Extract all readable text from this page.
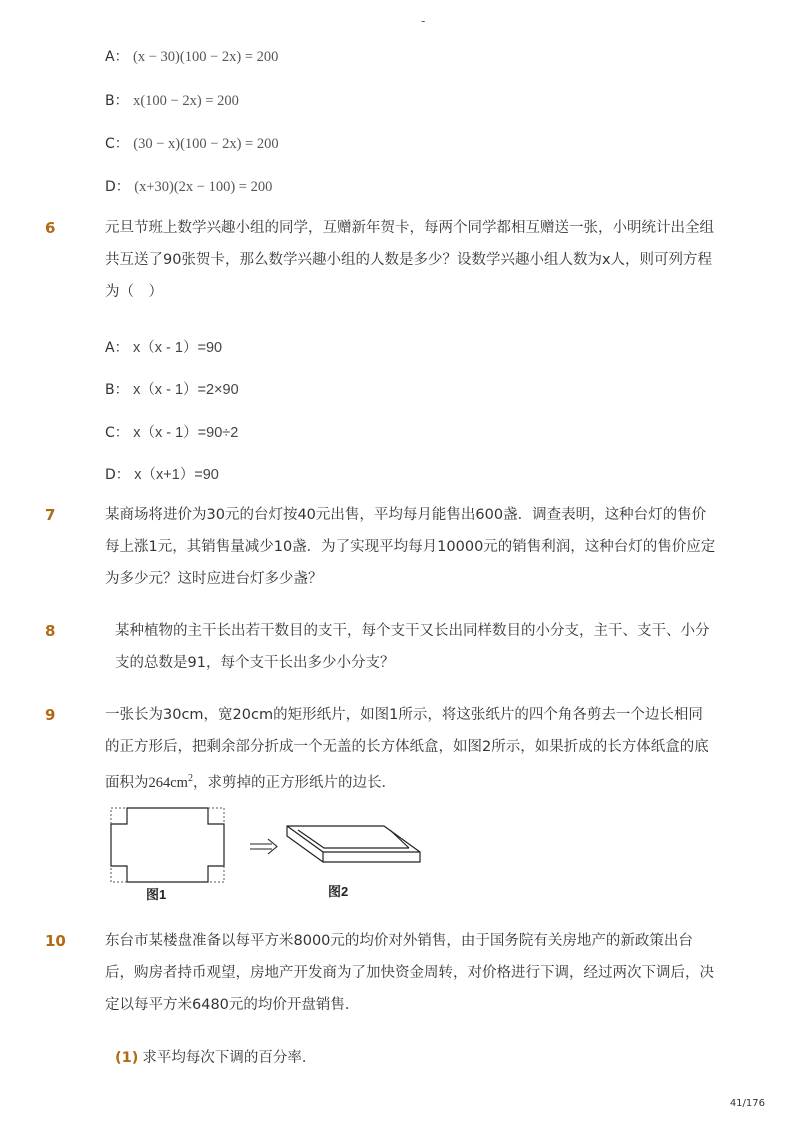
-
A： (x − 30)(100 − 2x) = 200
B： x(100 − 2x) = 200
C： (30 − x)(100 − 2x) = 200
D： (x+30)(2x − 100) = 200
6	元旦节班上数学兴趣小组的同学，互赠新年贺卡，每两个同学都相互赠送一张，小明统计出全组共互送了90张贺卡，那么数学兴趣小组的人数是多少？设数学兴趣小组人数为x人，则可列方程为（　）
A： x（x - 1）=90
B： x（x - 1）=2×90
C： x（x - 1）=90÷2
D： x（x+1）=90
7	某商场将进价为30元的台灯按40元出售，平均每月能售出600盏．调查表明，这种台灯的售价每上涨1元，其销售量减少10盏．为了实现平均每月10000元的销售利润，这种台灯的售价应定为多少元？这时应进台灯多少盏？
8	某种植物的主干长出若干数目的支干，每个支干又长出同样数目的小分支，主干、支干、小分支的总数是91，每个支干长出多少小分支？
9	一张长为30cm，宽20cm的矩形纸片，如图1所示，将这张纸片的四个角各剪去一个边长相同的正方形后，把剩余部分折成一个无盖的长方体纸盒，如图2所示，如果折成的长方体纸盒的底面积为$264cm^2$，求剪掉的正方形纸片的边长．
图1	图2
10	东台市某楼盘准备以每平方米8000元的均价对外销售，由于国务院有关房地产的新政策出台后，购房者持币观望，房地产开发商为了加快资金周转，对价格进行下调，经过两次下调后，决定以每平方米6480元的均价开盘销售．
(1) 求平均每次下调的百分率．
41/176
